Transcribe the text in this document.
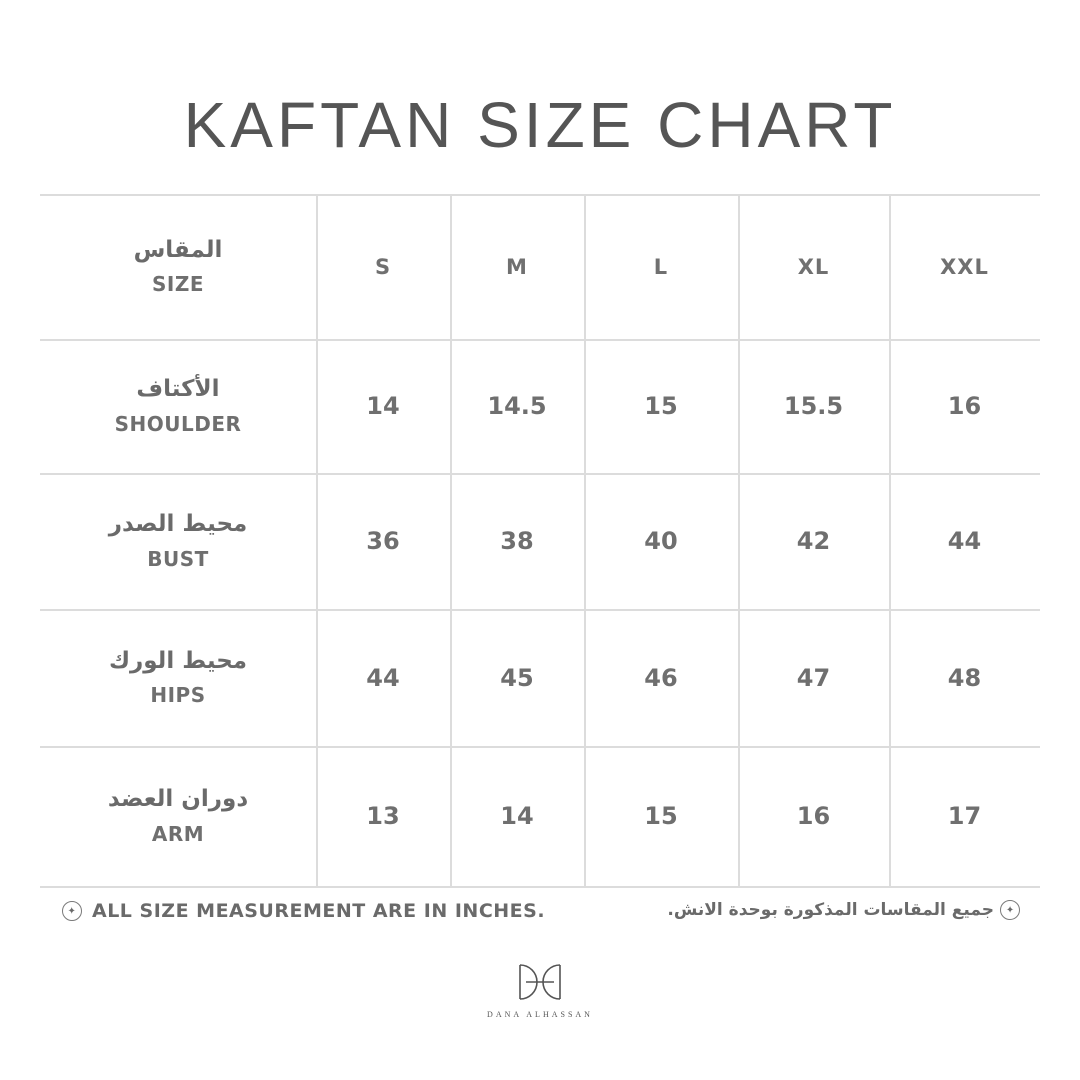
KAFTAN SIZE CHART
المقاس
SIZE
S	M	L	XL	XXL
الأكتاف
SHOULDER
14	14.5	15	15.5	16
محيط الصدر
BUST
36	38	40	42	44
محيط الورك
HIPS
44	45	46	47	48
دوران العضد
ARM
13	14	15	16	17
✦ ALL SIZE MEASUREMENT ARE IN INCHES.	✦
جميع المقاسات المذكورة بوحدة الانش.
DANA ALHASSAN
